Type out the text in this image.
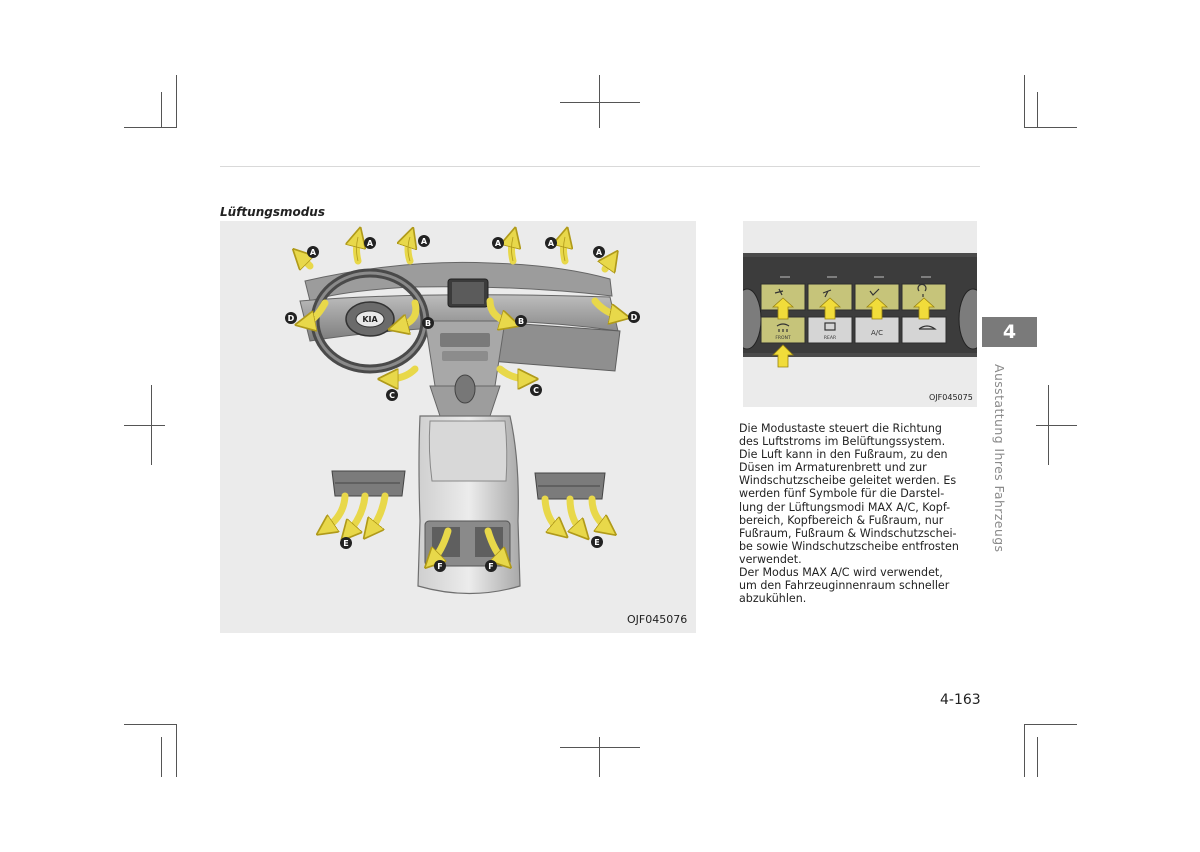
Lüftungsmodus
KIA
A
A	A	A	A
A
B	B
C
C
D	D
E	E
F	F
OJF045076
FRONT	REAR
A/C
OJF045075

Die Modustaste steuert die Richtung
des Luftstroms im Belüftungssystem.
Die Luft kann in den Fußraum, zu den
Düsen im Armaturenbrett und zur
Windschutzscheibe geleitet werden. Es
werden fünf Symbole für die Darstel-
lung der Lüftungsmodi MAX A/C, Kopf-
bereich, Kopfbereich & Fußraum, nur
Fußraum, Fußraum & Windschutzschei-
be sowie Windschutzscheibe entfrosten
verwendet.
Der Modus MAX A/C wird verwendet,
um den Fahrzeuginnenraum schneller
abzukühlen.

4
Ausstattung Ihres Fahrzeugs
4-163
